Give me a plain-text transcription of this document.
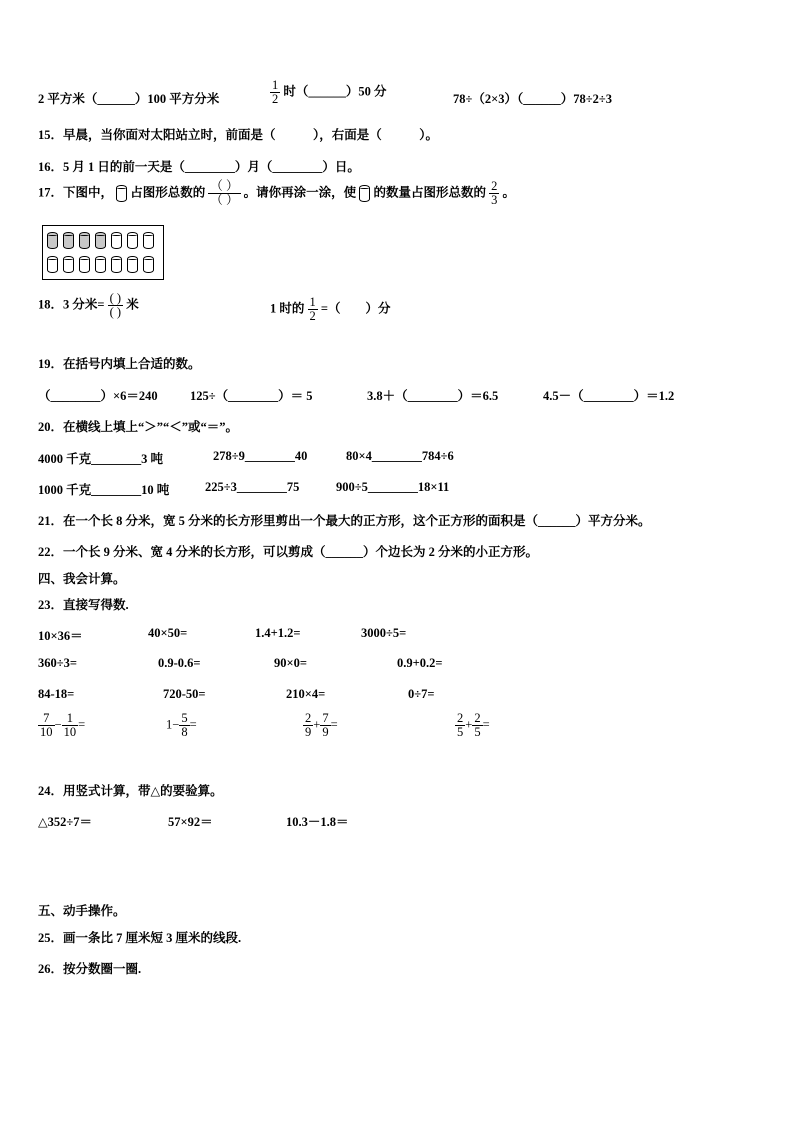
2 平方米（______）100 平方分米	$\frac{1}{2}$ 时（______）50 分
78÷（2×3）（______）78÷2÷3
15．早晨，当你面对太阳站立时，前面是（　　　），右面是（　　　）。
16．5 月 1 日的前一天是（________）月（________）日。
17．下图中， 占图形总数的 （ ）
（ ）
。请你再涂一涂，使 的数量占图形总数的 $\frac{2}{3}$ 。
18．3 分米= ( )
( )
米	1 时的 $\frac{1}{2}$ =（　　）分
19．在括号内填上合适的数。
（________）×6＝240	125÷（________）＝ 5	3.8＋（________）＝6.5	4.5－（________）＝1.2
20．在横线上填上“＞”“＜”或“＝”。
4000 千克________3 吨	278÷9________40	80×4________784÷6
1000 千克________10 吨	225÷3________75	900÷5________18×11
21．在一个长 8 分米，宽 5 分米的长方形里剪出一个最大的正方形，这个正方形的面积是（______）平方分米。
22．一个长 9 分米、宽 4 分米的长方形，可以剪成（______）个边长为 2 分米的小正方形。
四、我会计算。
23．直接写得数.
10×36＝	40×50=	1.4+1.2=	3000÷5=
360÷3=	0.9-0.6=	90×0=	0.9+0.2=
84-18=	720-50=	210×4=	0÷7=
$\frac{7}{10} - \frac{1}{10}$ =	$1- \frac{5}{8}$ =	$\frac{2}{9} + \frac{7}{9}$ =	$\frac{2}{5} + \frac{2}{5}$ =
24．用竖式计算，带△的要验算。
△352÷7＝	57×92＝	10.3－1.8＝
五、动手操作。
25．画一条比 7 厘米短 3 厘米的线段.
26．按分数圈一圈.
